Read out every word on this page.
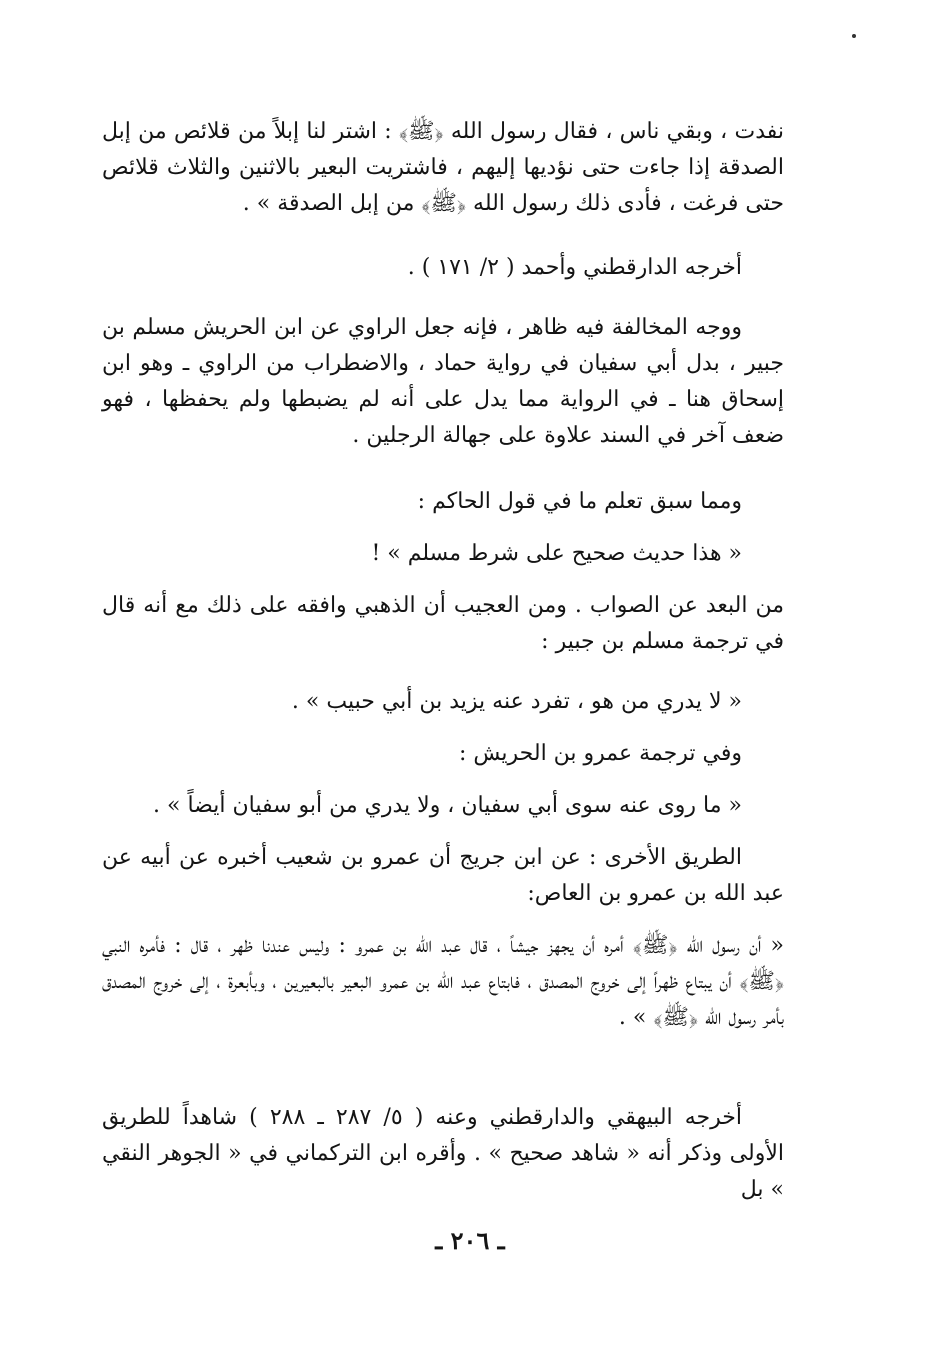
نفدت ، وبقي ناس ، فقال رسول الله ﴿ﷺ﴾ : اشتر لنا إبلاً من قلائص من إبل الصدقة إذا جاءت حتى نؤديها إليهم ، فاشتريت البعير بالاثنين والثلاث قلائص حتى فرغت ، فأدى ذلك رسول الله ﴿ﷺ﴾ من إبل الصدقة » .

أخرجه الدارقطني وأحمد ( ٢/ ١٧١ ) .

ووجه المخالفة فيه ظاهر ، فإنه جعل الراوي عن ابن الحريش مسلم بن جبير ، بدل أبي سفيان في رواية حماد ، والاضطراب من الراوي ـ وهو ابن إسحاق هنا ـ في الرواية مما يدل على أنه لم يضبطها ولم يحفظها ، فهو ضعف آخر في السند علاوة على جهالة الرجلين .

ومما سبق تعلم ما في قول الحاكم :

« هذا حديث صحيح على شرط مسلم » !

من البعد عن الصواب . ومن العجيب أن الذهبي وافقه على ذلك مع أنه قال في ترجمة مسلم بن جبير :

« لا يدري من هو ، تفرد عنه يزيد بن أبي حبيب » .

وفي ترجمة عمرو بن الحريش :

« ما روى عنه سوى أبي سفيان ، ولا يدري من أبو سفيان أيضاً » .

الطريق الأخرى : عن ابن جريج أن عمرو بن شعيب أخبره عن أبيه عن عبد الله بن عمرو بن العاص:

« أن رسول الله ﴿ﷺ﴾ أمره أن يجهز جيشاً ، قال عبد الله بن عمرو : وليس عندنا ظهر ، قال : فأمره النبي ﴿ﷺ﴾ أن يبتاع ظهراً إلى خروج المصدق ، فابتاع عبد الله بن عمرو البعير بالبعيرين ، وبأبعرة ، إلى خروج المصدق بأمر رسول الله ﴿ﷺ﴾ » .

أخرجه البيهقي والدارقطني وعنه ( ٥/ ٢٨٧ ـ ٢٨٨ ) شاهداً للطريق الأولى وذكر أنه « شاهد صحيح » . وأقره ابن التركماني في « الجوهر النقي » بل

ـ ٢٠٦ ـ
